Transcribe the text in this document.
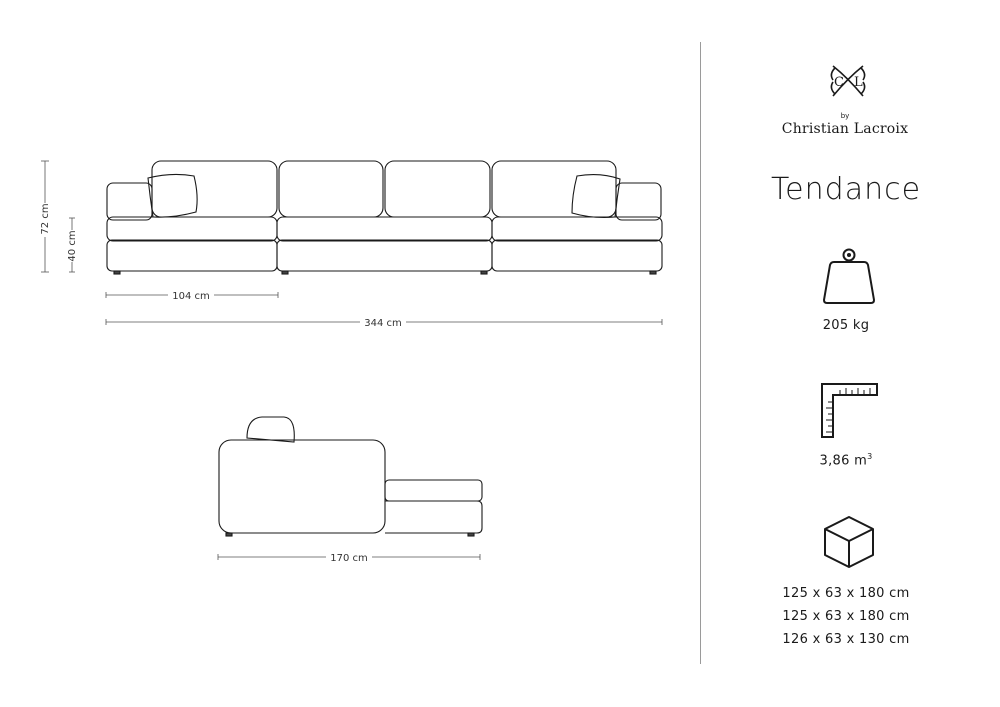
72 cm
40 cm
104 cm
344 cm
170 cm
C L
by
Christian Lacroix
Tendance
205 kg
3,86 $m^3$
125 x 63 x 180 cm
125 x 63 x 180 cm
126 x 63 x 130 cm
